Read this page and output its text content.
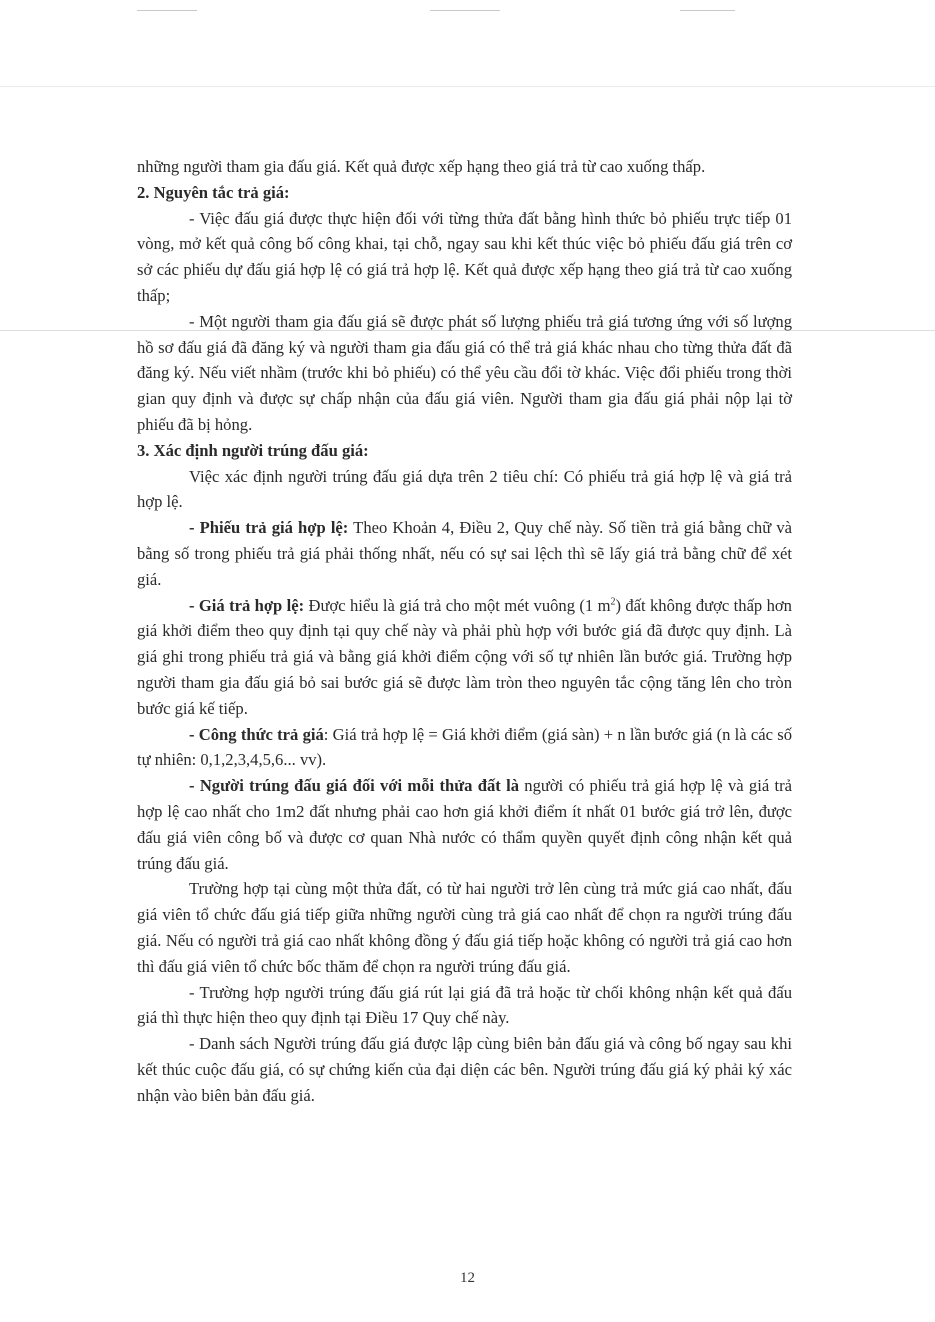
những người tham gia đấu giá. Kết quả được xếp hạng theo giá trả từ cao xuống thấp.

2. Nguyên tắc trả giá:

- Việc đấu giá được thực hiện đối với từng thửa đất bằng hình thức bỏ phiếu trực tiếp 01 vòng, mở kết quả công bố công khai, tại chỗ, ngay sau khi kết thúc việc bỏ phiếu đấu giá trên cơ sở các phiếu dự đấu giá hợp lệ có giá trả hợp lệ. Kết quả được xếp hạng theo giá trả từ cao xuống thấp;

- Một người tham gia đấu giá sẽ được phát số lượng phiếu trả giá tương ứng với số lượng hồ sơ đấu giá đã đăng ký và người tham gia đấu giá có thể trả giá khác nhau cho từng thửa đất đã đăng ký. Nếu viết nhầm (trước khi bỏ phiếu) có thể yêu cầu đổi tờ khác. Việc đổi phiếu trong thời gian quy định và được sự chấp nhận của đấu giá viên. Người tham gia đấu giá phải nộp lại tờ phiếu đã bị hỏng.

3. Xác định người trúng đấu giá:

Việc xác định người trúng đấu giá dựa trên 2 tiêu chí: Có phiếu trả giá hợp lệ và giá trả hợp lệ.

- Phiếu trả giá hợp lệ: Theo Khoản 4, Điều 2, Quy chế này. Số tiền trả giá bằng chữ và bằng số trong phiếu trả giá phải thống nhất, nếu có sự sai lệch thì sẽ lấy giá trả bằng chữ để xét giá.

- Giá trả hợp lệ: Được hiểu là giá trả cho một mét vuông (1 $m^2$) đất không được thấp hơn giá khởi điểm theo quy định tại quy chế này và phải phù hợp với bước giá đã được quy định. Là giá ghi trong phiếu trả giá và bằng giá khởi điểm cộng với số tự nhiên lần bước giá. Trường hợp người tham gia đấu giá bỏ sai bước giá sẽ được làm tròn theo nguyên tắc cộng tăng lên cho tròn bước giá kế tiếp.

- Công thức trả giá: Giá trả hợp lệ = Giá khởi điểm (giá sàn) + n lần bước giá (n là các số tự nhiên: 0,1,2,3,4,5,6... vv).

- Người trúng đấu giá đối với mỗi thửa đất là người có phiếu trả giá hợp lệ và giá trả hợp lệ cao nhất cho 1m2 đất nhưng phải cao hơn giá khởi điểm ít nhất 01 bước giá trở lên, được đấu giá viên công bố và được cơ quan Nhà nước có thẩm quyền quyết định công nhận kết quả trúng đấu giá.

Trường hợp tại cùng một thửa đất, có từ hai người trở lên cùng trả mức giá cao nhất, đấu giá viên tổ chức đấu giá tiếp giữa những người cùng trả giá cao nhất để chọn ra người trúng đấu giá. Nếu có người trả giá cao nhất không đồng ý đấu giá tiếp hoặc không có người trả giá cao hơn thì đấu giá viên tổ chức bốc thăm để chọn ra người trúng đấu giá.

- Trường hợp người trúng đấu giá rút lại giá đã trả hoặc từ chối không nhận kết quả đấu giá thì thực hiện theo quy định tại Điều 17 Quy chế này.

- Danh sách Người trúng đấu giá được lập cùng biên bản đấu giá và công bố ngay sau khi kết thúc cuộc đấu giá, có sự chứng kiến của đại diện các bên. Người trúng đấu giá ký phải ký xác nhận vào biên bản đấu giá.

12
